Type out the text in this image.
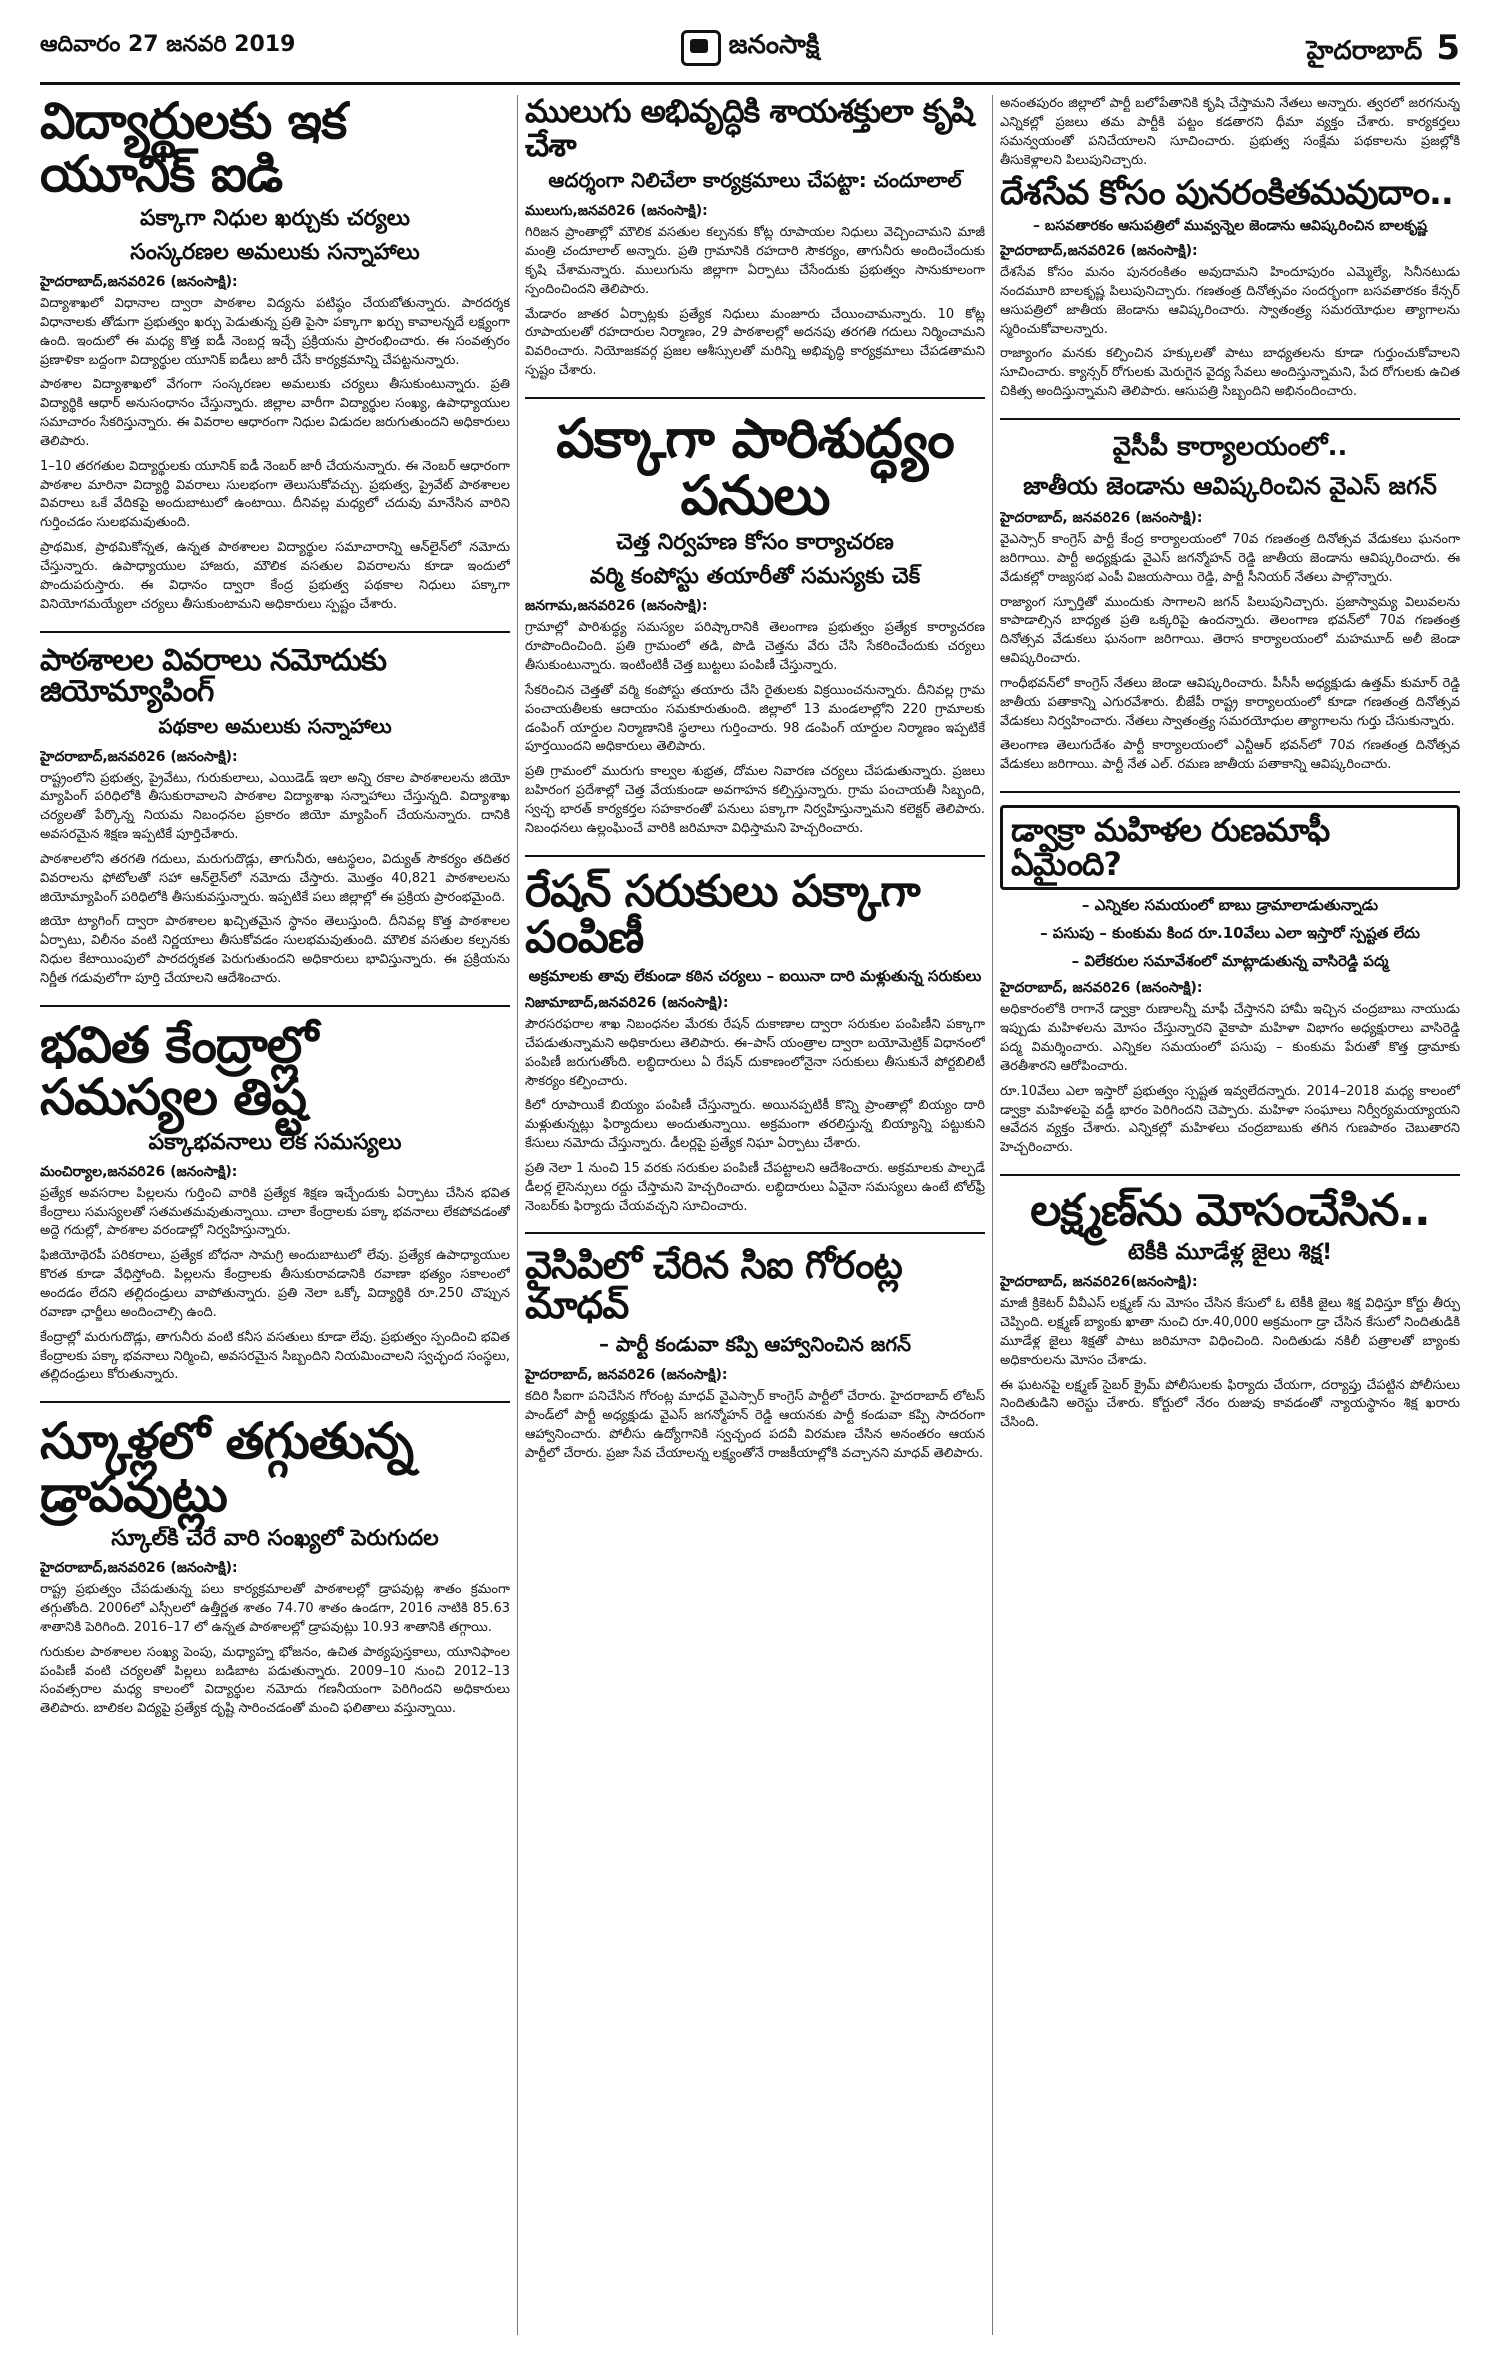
ఆదివారం 27 జనవరి 2019	జనంసాక్షి	హైదరాబాద్ 5
విద్యార్థులకు ఇక యూనిక్‌ ఐడి
పక్కాగా నిధుల ఖర్చుకు చర్యలు
సంస్కరణల అమలుకు సన్నాహాలు
హైదరాబాద్‌,జనవరి26 (జనంసాక్షి):

విద్యాశాఖలో విధానాల ద్వారా పాఠశాల విద్యను పటిష్ఠం చేయబోతున్నారు. పారదర్శక విధానాలకు తోడుగా ప్రభుత్వం ఖర్చు పెడుతున్న ప్రతి పైసా పక్కాగా ఖర్చు కావాలన్నదే లక్ష్యంగా ఉంది. ఇందులో ఈ మధ్య కొత్త ఐడీ నెంబర్ల ఇచ్చే ప్రక్రియను ప్రారంభించారు. ఈ సంవత్సరం ప్రణాళికా బద్దంగా విద్యార్థుల యూనిక్‌ ఐడీలు జారీ చేసే కార్యక్రమాన్ని చేపట్టనున్నారు.

పాఠశాల విద్యాశాఖలో వేగంగా సంస్కరణల అమలుకు చర్యలు తీసుకుంటున్నారు. ప్రతి విద్యార్థికి ఆధార్‌ అనుసంధానం చేస్తున్నారు. జిల్లాల వారీగా విద్యార్థుల సంఖ్య, ఉపాధ్యాయుల సమాచారం సేకరిస్తున్నారు. ఈ వివరాల ఆధారంగా నిధుల విడుదల జరుగుతుందని అధికారులు తెలిపారు.

1–10 తరగతుల విద్యార్థులకు యూనిక్‌ ఐడీ నెంబర్‌ జారీ చేయనున్నారు. ఈ నెంబర్‌ ఆధారంగా పాఠశాల మారినా విద్యార్థి వివరాలు సులభంగా తెలుసుకోవచ్చు. ప్రభుత్వ, ప్రైవేట్‌ పాఠశాలల వివరాలు ఒకే వేదికపై అందుబాటులో ఉంటాయి. దీనివల్ల మధ్యలో చదువు మానేసిన వారిని గుర్తించడం సులభమవుతుంది.

ప్రాథమిక, ప్రాథమికోన్నత, ఉన్నత పాఠశాలల విద్యార్థుల సమాచారాన్ని ఆన్‌లైన్‌లో నమోదు చేస్తున్నారు. ఉపాధ్యాయుల హాజరు, మౌలిక వసతుల వివరాలను కూడా ఇందులో పొందుపరుస్తారు. ఈ విధానం ద్వారా కేంద్ర ప్రభుత్వ పథకాల నిధులు పక్కాగా వినియోగమయ్యేలా చర్యలు తీసుకుంటామని అధికారులు స్పష్టం చేశారు.

పాఠశాలల వివరాలు నమోదుకు జియోమ్యాపింగ్‌
పథకాల అమలుకు సన్నాహాలు
హైదరాబాద్‌,జనవరి26 (జనంసాక్షి):

రాష్ట్రంలోని ప్రభుత్వ, ప్రైవేటు, గురుకులాలు, ఎయిడెడ్‌ ఇలా అన్ని రకాల పాఠశాలలను జియో మ్యాపింగ్‌ పరిధిలోకి తీసుకురావాలని పాఠశాల విద్యాశాఖ సన్నాహాలు చేస్తున్నది. విద్యాశాఖ చర్యలతో పేర్కొన్న నియమ నిబంధనల ప్రకారం జియో మ్యాపింగ్‌ చేయనున్నారు. దానికి అవసరమైన శిక్షణ ఇప్పటికే పూర్తిచేశారు.

పాఠశాలలోని తరగతి గదులు, మరుగుదొడ్లు, తాగునీరు, ఆటస్థలం, విద్యుత్‌ సౌకర్యం తదితర వివరాలను ఫోటోలతో సహా ఆన్‌లైన్‌లో నమోదు చేస్తారు. మొత్తం 40,821 పాఠశాలలను జియోమ్యాపింగ్‌ పరిధిలోకి తీసుకువస్తున్నారు. ఇప్పటికే పలు జిల్లాల్లో ఈ ప్రక్రియ ప్రారంభమైంది.

జియో ట్యాగింగ్‌ ద్వారా పాఠశాలల ఖచ్చితమైన స్థానం తెలుస్తుంది. దీనివల్ల కొత్త పాఠశాలల ఏర్పాటు, విలీనం వంటి నిర్ణయాలు తీసుకోవడం సులభమవుతుంది. మౌలిక వసతుల కల్పనకు నిధుల కేటాయింపులో పారదర్శకత పెరుగుతుందని అధికారులు భావిస్తున్నారు. ఈ ప్రక్రియను నిర్ణీత గడువులోగా పూర్తి చేయాలని ఆదేశించారు.

భవిత కేంద్రాల్లో సమస్యల తిష్ట
పక్కాభవనాలు లేక సమస్యలు
మంచిర్యాల,జనవరి26 (జనంసాక్షి):

ప్రత్యేక అవసరాల పిల్లలను గుర్తించి వారికి ప్రత్యేక శిక్షణ ఇచ్చేందుకు ఏర్పాటు చేసిన భవిత కేంద్రాలు సమస్యలతో సతమతమవుతున్నాయి. చాలా కేంద్రాలకు పక్కా భవనాలు లేకపోవడంతో అద్దె గదుల్లో, పాఠశాల వరండాల్లో నిర్వహిస్తున్నారు.

ఫిజియోథెరపీ పరికరాలు, ప్రత్యేక బోధనా సామగ్రి అందుబాటులో లేవు. ప్రత్యేక ఉపాధ్యాయుల కొరత కూడా వేధిస్తోంది. పిల్లలను కేంద్రాలకు తీసుకురావడానికి రవాణా భత్యం సకాలంలో అందడం లేదని తల్లిదండ్రులు వాపోతున్నారు. ప్రతి నెలా ఒక్కో విద్యార్థికి రూ.250 చొప్పున రవాణా ఛార్జీలు అందించాల్సి ఉంది.

కేంద్రాల్లో మరుగుదొడ్లు, తాగునీరు వంటి కనీస వసతులు కూడా లేవు. ప్రభుత్వం స్పందించి భవిత కేంద్రాలకు పక్కా భవనాలు నిర్మించి, అవసరమైన సిబ్బందిని నియమించాలని స్వచ్ఛంద సంస్థలు, తల్లిదండ్రులు కోరుతున్నారు.

స్కూళ్లలో తగ్గుతున్న డ్రాపవుట్లు
స్కూల్‌కి చేరే వారి సంఖ్యలో పెరుగుదల
హైదరాబాద్‌,జనవరి26 (జనంసాక్షి):

రాష్ట్ర ప్రభుత్వం చేపడుతున్న పలు కార్యక్రమాలతో పాఠశాలల్లో డ్రాపవుట్ల శాతం క్రమంగా తగ్గుతోంది. 2006లో ఎస్సీలలో ఉత్తీర్ణత శాతం 74.70 శాతం ఉండగా, 2016 నాటికి 85.63 శాతానికి పెరిగింది. 2016–17 లో ఉన్నత పాఠశాలల్లో డ్రాపవుట్లు 10.93 శాతానికి తగ్గాయి.

గురుకుల పాఠశాలల సంఖ్య పెంపు, మధ్యాహ్న భోజనం, ఉచిత పాఠ్యపుస్తకాలు, యూనిఫాంల పంపిణీ వంటి చర్యలతో పిల్లలు బడిబాట పడుతున్నారు. 2009–10 నుంచి 2012–13 సంవత్సరాల మధ్య కాలంలో విద్యార్థుల నమోదు గణనీయంగా పెరిగిందని అధికారులు తెలిపారు. బాలికల విద్యపై ప్రత్యేక దృష్టి సారించడంతో మంచి ఫలితాలు వస్తున్నాయి.

ములుగు అభివృద్ధికి శాయశక్తులా కృషి చేశా
ఆదర్శంగా నిలిచేలా కార్యక్రమాలు చేపట్టా: చందూలాల్‌
ములుగు,జనవరి26 (జనంసాక్షి):

గిరిజన ప్రాంతాల్లో మౌలిక వసతుల కల్పనకు కోట్ల రూపాయల నిధులు వెచ్చించామని మాజీ మంత్రి చందూలాల్‌ అన్నారు. ప్రతి గ్రామానికి రహదారి సౌకర్యం, తాగునీరు అందించేందుకు కృషి చేశామన్నారు. ములుగును జిల్లాగా ఏర్పాటు చేసేందుకు ప్రభుత్వం సానుకూలంగా స్పందించిందని తెలిపారు.

మేడారం జాతర ఏర్పాట్లకు ప్రత్యేక నిధులు మంజూరు చేయించామన్నారు. 10 కోట్ల రూపాయలతో రహదారుల నిర్మాణం, 29 పాఠశాలల్లో అదనపు తరగతి గదులు నిర్మించామని వివరించారు. నియోజకవర్గ ప్రజల ఆశీస్సులతో మరిన్ని అభివృద్ధి కార్యక్రమాలు చేపడతామని స్పష్టం చేశారు.

పక్కాగా పారిశుద్ధ్యం పనులు
చెత్త నిర్వహణ కోసం కార్యాచరణ
వర్మి కంపోస్టు తయారీతో సమస్యకు చెక్‌
జనగామ,జనవరి26 (జనంసాక్షి):

గ్రామాల్లో పారిశుద్ధ్య సమస్యల పరిష్కారానికి తెలంగాణ ప్రభుత్వం ప్రత్యేక కార్యాచరణ రూపొందించింది. ప్రతి గ్రామంలో తడి, పొడి చెత్తను వేరు చేసి సేకరించేందుకు చర్యలు తీసుకుంటున్నారు. ఇంటింటికీ చెత్త బుట్టలు పంపిణీ చేస్తున్నారు.

సేకరించిన చెత్తతో వర్మి కంపోస్టు తయారు చేసి రైతులకు విక్రయించనున్నారు. దీనివల్ల గ్రామ పంచాయతీలకు ఆదాయం సమకూరుతుంది. జిల్లాలో 13 మండలాల్లోని 220 గ్రామాలకు డంపింగ్‌ యార్డుల నిర్మాణానికి స్థలాలు గుర్తించారు. 98 డంపింగ్‌ యార్డుల నిర్మాణం ఇప్పటికే పూర్తయిందని అధికారులు తెలిపారు.

ప్రతి గ్రామంలో మురుగు కాల్వల శుభ్రత, దోమల నివారణ చర్యలు చేపడుతున్నారు. ప్రజలు బహిరంగ ప్రదేశాల్లో చెత్త వేయకుండా అవగాహన కల్పిస్తున్నారు. గ్రామ పంచాయతీ సిబ్బంది, స్వచ్ఛ భారత్‌ కార్యకర్తల సహకారంతో పనులు పక్కాగా నిర్వహిస్తున్నామని కలెక్టర్‌ తెలిపారు. నిబంధనలు ఉల్లంఘించే వారికి జరిమానా విధిస్తామని హెచ్చరించారు.

రేషన్‌ సరుకులు పక్కాగా పంపిణీ
అక్రమాలకు తావు లేకుండా కఠిన చర్యలు – ఐయినా దారి మళ్లుతున్న సరుకులు
నిజామాబాద్‌,జనవరి26 (జనంసాక్షి):

పౌరసరఫరాల శాఖ నిబంధనల మేరకు రేషన్‌ దుకాణాల ద్వారా సరుకుల పంపిణీని పక్కాగా చేపడుతున్నామని అధికారులు తెలిపారు. ఈ–పాస్‌ యంత్రాల ద్వారా బయోమెట్రిక్‌ విధానంలో పంపిణీ జరుగుతోంది. లబ్ధిదారులు ఏ రేషన్‌ దుకాణంలోనైనా సరుకులు తీసుకునే పోర్టబిలిటీ సౌకర్యం కల్పించారు.

కిలో రూపాయికే బియ్యం పంపిణీ చేస్తున్నారు. అయినప్పటికీ కొన్ని ప్రాంతాల్లో బియ్యం దారి మళ్లుతున్నట్లు ఫిర్యాదులు అందుతున్నాయి. అక్రమంగా తరలిస్తున్న బియ్యాన్ని పట్టుకుని కేసులు నమోదు చేస్తున్నారు. డీలర్లపై ప్రత్యేక నిఘా ఏర్పాటు చేశారు.

ప్రతి నెలా 1 నుంచి 15 వరకు సరుకుల పంపిణీ చేపట్టాలని ఆదేశించారు. అక్రమాలకు పాల్పడే డీలర్ల లైసెన్సులు రద్దు చేస్తామని హెచ్చరించారు. లబ్ధిదారులు ఏవైనా సమస్యలు ఉంటే టోల్‌ఫ్రీ నెంబర్‌కు ఫిర్యాదు చేయవచ్చని సూచించారు.

వైసిపిలో చేరిన సిఐ గోరంట్ల మాధవ్‌
– పార్టీ కండువా కప్పి ఆహ్వానించిన జగన్‌
హైదరాబాద్‌, జనవరి26 (జనంసాక్షి):

కదిరి సీఐగా పనిచేసిన గోరంట్ల మాధవ్‌ వైఎస్సార్‌ కాంగ్రెస్‌ పార్టీలో చేరారు. హైదరాబాద్‌ లోటస్‌ పాండ్‌లో పార్టీ అధ్యక్షుడు వైఎస్‌ జగన్మోహన్‌ రెడ్డి ఆయనకు పార్టీ కండువా కప్పి సాదరంగా ఆహ్వానించారు. పోలీసు ఉద్యోగానికి స్వచ్ఛంద పదవీ విరమణ చేసిన అనంతరం ఆయన పార్టీలో చేరారు. ప్రజా సేవ చేయాలన్న లక్ష్యంతోనే రాజకీయాల్లోకి వచ్చానని మాధవ్‌ తెలిపారు.

అనంతపురం జిల్లాలో పార్టీ బలోపేతానికి కృషి చేస్తామని నేతలు అన్నారు. త్వరలో జరగనున్న ఎన్నికల్లో ప్రజలు తమ పార్టీకి పట్టం కడతారని ధీమా వ్యక్తం చేశారు. కార్యకర్తలు సమన్వయంతో పనిచేయాలని సూచించారు. ప్రభుత్వ సంక్షేమ పథకాలను ప్రజల్లోకి తీసుకెళ్లాలని పిలుపునిచ్చారు.

దేశసేవ కోసం పునరంకితమవుదాం..
– బసవతారకం ఆసుపత్రిలో మువ్వన్నెల జెండాను ఆవిష్కరించిన బాలకృష్ణ
హైదరాబాద్‌,జనవరి26 (జనంసాక్షి):

దేశసేవ కోసం మనం పునరంకితం అవుదామని హిందూపురం ఎమ్మెల్యే, సినీనటుడు నందమూరి బాలకృష్ణ పిలుపునిచ్చారు. గణతంత్ర దినోత్సవం సందర్భంగా బసవతారకం కేన్సర్‌ ఆసుపత్రిలో జాతీయ జెండాను ఆవిష్కరించారు. స్వాతంత్ర్య సమరయోధుల త్యాగాలను స్మరించుకోవాలన్నారు.

రాజ్యాంగం మనకు కల్పించిన హక్కులతో పాటు బాధ్యతలను కూడా గుర్తుంచుకోవాలని సూచించారు. క్యాన్సర్‌ రోగులకు మెరుగైన వైద్య సేవలు అందిస్తున్నామని, పేద రోగులకు ఉచిత చికిత్స అందిస్తున్నామని తెలిపారు. ఆసుపత్రి సిబ్బందిని అభినందించారు.

వైసీపీ కార్యాలయంలో..
జాతీయ జెండాను ఆవిష్కరించిన వైఎస్‌ జగన్‌
హైదరాబాద్‌, జనవరి26 (జనంసాక్షి):

వైఎస్సార్‌ కాంగ్రెస్‌ పార్టీ కేంద్ర కార్యాలయంలో 70వ గణతంత్ర దినోత్సవ వేడుకలు ఘనంగా జరిగాయి. పార్టీ అధ్యక్షుడు వైఎస్‌ జగన్మోహన్‌ రెడ్డి జాతీయ జెండాను ఆవిష్కరించారు. ఈ వేడుకల్లో రాజ్యసభ ఎంపీ విజయసాయి రెడ్డి, పార్టీ సీనియర్‌ నేతలు పాల్గొన్నారు.

రాజ్యాంగ స్ఫూర్తితో ముందుకు సాగాలని జగన్‌ పిలుపునిచ్చారు. ప్రజాస్వామ్య విలువలను కాపాడాల్సిన బాధ్యత ప్రతి ఒక్కరిపై ఉందన్నారు. తెలంగాణ భవన్‌లో 70వ గణతంత్ర దినోత్సవ వేడుకలు ఘనంగా జరిగాయి. తెరాస కార్యాలయంలో మహమూద్‌ అలీ జెండా ఆవిష్కరించారు.

గాంధీభవన్‌లో కాంగ్రెస్‌ నేతలు జెండా ఆవిష్కరించారు. పీసీసీ అధ్యక్షుడు ఉత్తమ్‌ కుమార్‌ రెడ్డి జాతీయ పతాకాన్ని ఎగురవేశారు. బీజేపీ రాష్ట్ర కార్యాలయంలో కూడా గణతంత్ర దినోత్సవ వేడుకలు నిర్వహించారు. నేతలు స్వాతంత్ర్య సమరయోధుల త్యాగాలను గుర్తు చేసుకున్నారు.

తెలంగాణ తెలుగుదేశం పార్టీ కార్యాలయంలో ఎన్టీఆర్‌ భవన్‌లో 70వ గణతంత్ర దినోత్సవ వేడుకలు జరిగాయి. పార్టీ నేత ఎల్‌. రమణ జాతీయ పతాకాన్ని ఆవిష్కరించారు.

డ్వాక్రా మహిళల రుణమాఫీ ఏమైంది?
– ఎన్నికల సమయంలో బాబు డ్రామాలాడుతున్నాడు
– పసుపు – కుంకుమ కింద రూ.10వేలు ఎలా ఇస్తారో స్పష్టత లేదు
– విలేకరుల సమావేశంలో మాట్లాడుతున్న వాసిరెడ్డి పద్మ
హైదరాబాద్‌, జనవరి26 (జనంసాక్షి):

అధికారంలోకి రాగానే డ్వాక్రా రుణాలన్నీ మాఫీ చేస్తానని హామీ ఇచ్చిన చంద్రబాబు నాయుడు ఇప్పుడు మహిళలను మోసం చేస్తున్నారని వైకాపా మహిళా విభాగం అధ్యక్షురాలు వాసిరెడ్డి పద్మ విమర్శించారు. ఎన్నికల సమయంలో పసుపు – కుంకుమ పేరుతో కొత్త డ్రామాకు తెరతీశారని ఆరోపించారు.

రూ.10వేలు ఎలా ఇస్తారో ప్రభుత్వం స్పష్టత ఇవ్వలేదన్నారు. 2014–2018 మధ్య కాలంలో డ్వాక్రా మహిళలపై వడ్డీ భారం పెరిగిందని చెప్పారు. మహిళా సంఘాలు నిర్వీర్యమయ్యాయని ఆవేదన వ్యక్తం చేశారు. ఎన్నికల్లో మహిళలు చంద్రబాబుకు తగిన గుణపాఠం చెబుతారని హెచ్చరించారు.

లక్ష్మణ్‌ను మోసంచేసిన..
టెకీకి మూడేళ్ల జైలు శిక్ష!
హైదరాబాద్‌, జనవరి26(జనంసాక్షి):

మాజీ క్రికెటర్‌ వీవీఎస్‌ లక్ష్మణ్‌ ను మోసం చేసిన కేసులో ఓ టెకీకి జైలు శిక్ష విధిస్తూ కోర్టు తీర్పు చెప్పింది. లక్ష్మణ్‌ బ్యాంకు ఖాతా నుంచి రూ.40,000 అక్రమంగా డ్రా చేసిన కేసులో నిందితుడికి మూడేళ్ల జైలు శిక్షతో పాటు జరిమానా విధించింది. నిందితుడు నకిలీ పత్రాలతో బ్యాంకు అధికారులను మోసం చేశాడు.

ఈ ఘటనపై లక్ష్మణ్‌ సైబర్‌ క్రైమ్‌ పోలీసులకు ఫిర్యాదు చేయగా, దర్యాప్తు చేపట్టిన పోలీసులు నిందితుడిని అరెస్టు చేశారు. కోర్టులో నేరం రుజువు కావడంతో న్యాయస్థానం శిక్ష ఖరారు చేసింది.
